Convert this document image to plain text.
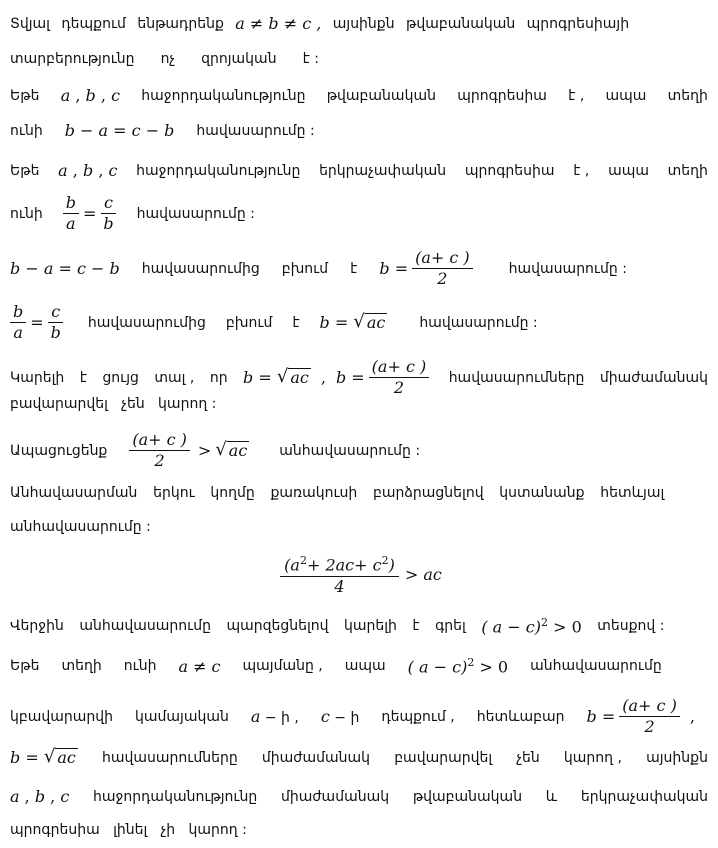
Տվյալ դեպքում ենթադրենք a ≠ b ≠ c , այսինքն թվաբանական պրոգրեսիայի
տարբերությունը ոչ զրոյական է :
Եթե a , b , c հաջորդականությունը թվաբանական պրոգրեսիա է , ապա տեղի
ունի b − a = c − b հավասարումը :
Եթե a , b , c հաջորդականությունը երկրաչափական պրոգրեսիա է , ապա տեղի
ունի $\frac{b}{a} = \frac{c}{b}$ հավասարումը :
b − a = c − b հավասարումից բխում է $b = \frac{(a+ c )}{2}$	հավասարումը :
$\frac{b}{a} = \frac{c}{b}$ հավասարումից բխում է b =
√ ac հավասարումը :
Կարելի է ցույց տալ , որ b =
√ ac , $b = \frac{(a+ c )}{2}$ հավասարումները միաժամանակ
բավարարվել   չեն   կարող :
Ապացուցենք $\frac{(a+ c )}{2}$ > √ ac անհավասարումը :
Անհավասարման երկու կողմը քառակուսի բարձրացնելով կստանանք հետևյալ
անհավասարումը :
$\frac{(a^2+ 2ac+ c^2)}{4}$ > ac
Վերջին անհավասարումը պարզեցնելով կարելի է գրել ( a − c)$^2$ > 0 տեսքով :
Եթե տեղի ունի a ≠ c պայմանը , ապա ( a − c)$^2$ > 0 անհավասարումը
կբավարարվի կամայական a − ի , c − ի դեպքում , հետևաբար $b = \frac{(a+ c )}{2}$ ,
b =
√ ac հավասարումները միաժամանակ բավարարվել չեն կարող , այսինքն
a , b , c հաջորդականությունը միաժամանակ թվաբանական և երկրաչափական
պրոգրեսիա   լինել   չի   կարող :
